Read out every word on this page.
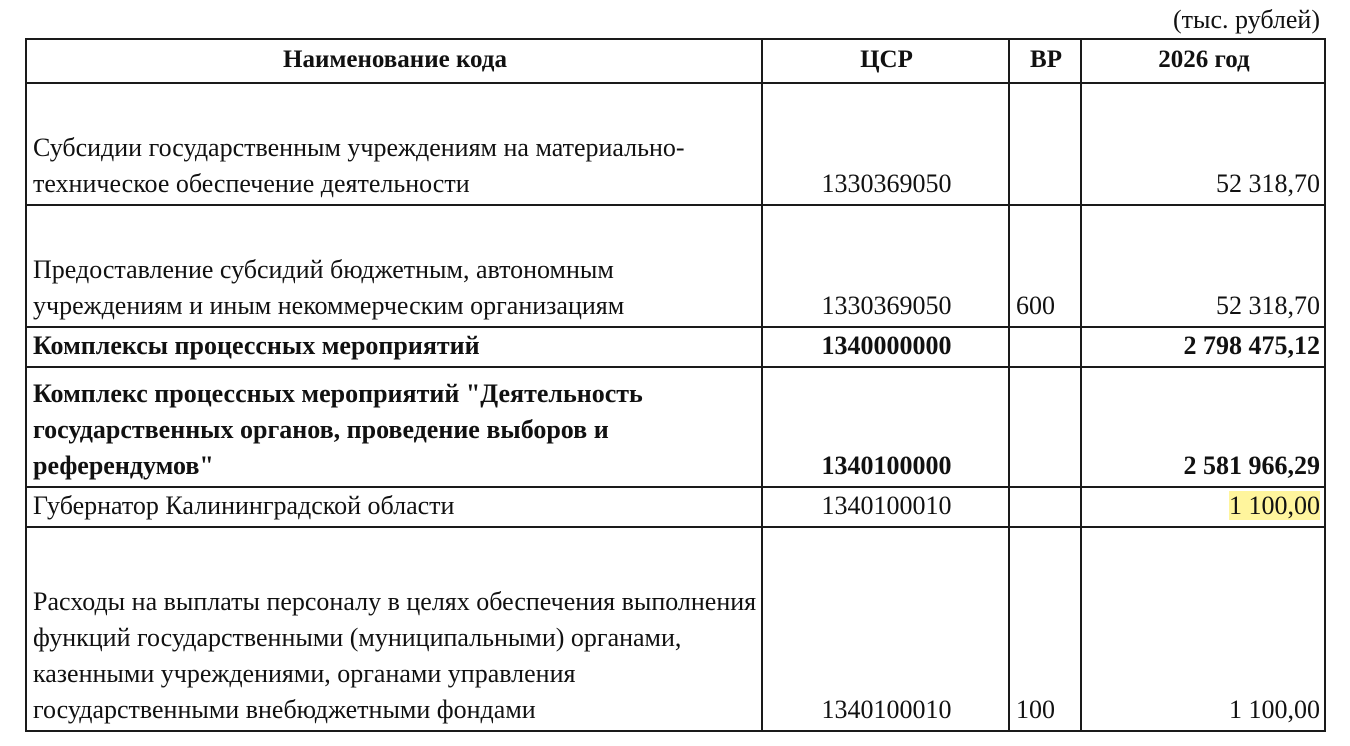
(тыс. рублей)
Наименование кода	ЦСР	ВР	2026 год
Субсидии государственным учреждениям на материально-техническое обеспечение деятельности	1330369050		52 318,70
Предоставление субсидий бюджетным, автономным учреждениям и иным некоммерческим организациям	1330369050	600	52 318,70
Комплексы процессных мероприятий	1340000000		2 798 475,12
Комплекс процессных мероприятий "Деятельность государственных органов, проведение выборов и референдумов"	1340100000		2 581 966,29
Губернатор Калининградской области	1340100010		1 100,00
Расходы на выплаты персоналу в целях обеспечения выполнения функций государственными (муниципальными) органами, казенными учреждениями, органами управления государственными внебюджетными фондами	1340100010	100	1 100,00
